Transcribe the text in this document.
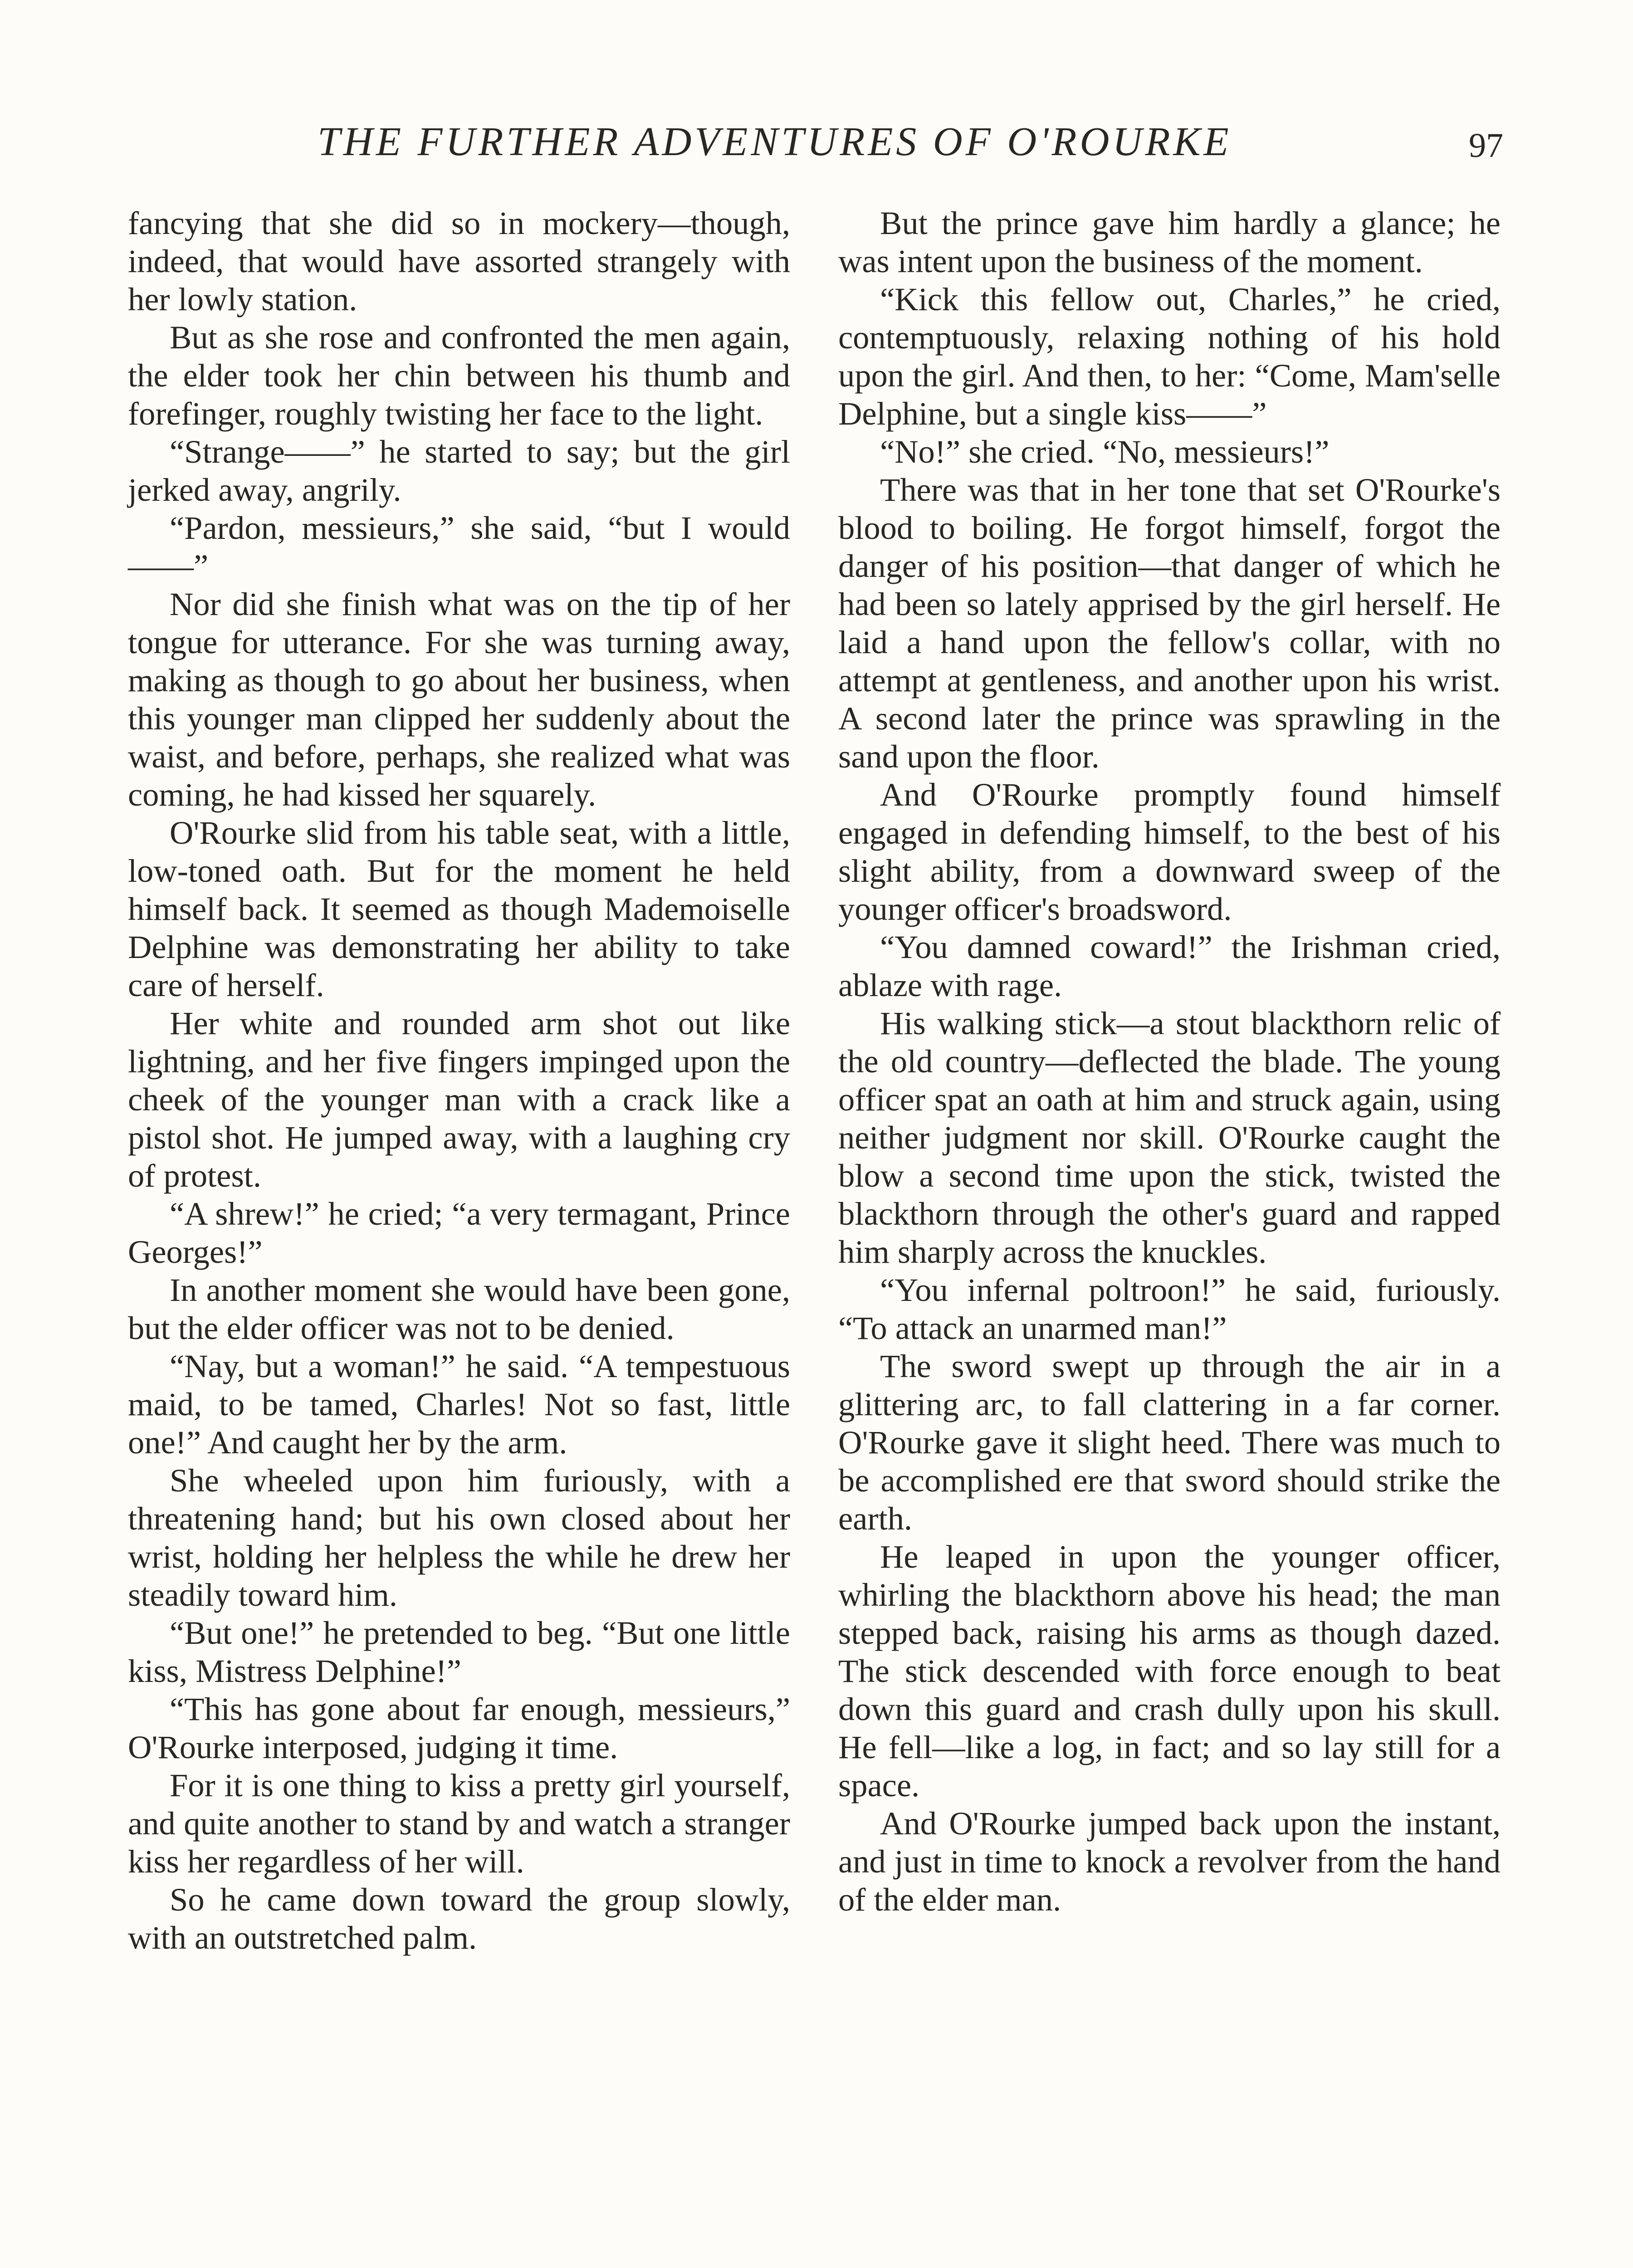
THE FURTHER ADVENTURES OF O'ROURKE	97

fancying that she did so in mockery—though, indeed, that would have assorted strangely with her lowly station.

But as she rose and confronted the men again, the elder took her chin between his thumb and forefinger, roughly twisting her face to the light.

“Strange——” he started to say; but the girl jerked away, angrily.

“Pardon, messieurs,” she said, “but I would——”

Nor did she finish what was on the tip of her tongue for utterance. For she was turning away, making as though to go about her business, when this younger man clipped her suddenly about the waist, and before, perhaps, she realized what was coming, he had kissed her squarely.

O'Rourke slid from his table seat, with a little, low-toned oath. But for the moment he held himself back. It seemed as though Mademoiselle Delphine was demonstrating her ability to take care of herself.

Her white and rounded arm shot out like lightning, and her five fingers impinged upon the cheek of the younger man with a crack like a pistol shot. He jumped away, with a laughing cry of protest.

“A shrew!” he cried; “a very termagant, Prince Georges!”

In another moment she would have been gone, but the elder officer was not to be denied.

“Nay, but a woman!” he said. “A tempestuous maid, to be tamed, Charles! Not so fast, little one!” And caught her by the arm.

She wheeled upon him furiously, with a threatening hand; but his own closed about her wrist, holding her helpless the while he drew her steadily toward him.

“But one!” he pretended to beg. “But one little kiss, Mistress Delphine!”

“This has gone about far enough, messieurs,” O'Rourke interposed, judging it time.

For it is one thing to kiss a pretty girl yourself, and quite another to stand by and watch a stranger kiss her regardless of her will.

So he came down toward the group slowly, with an outstretched palm.

But the prince gave him hardly a glance; he was intent upon the business of the moment.

“Kick this fellow out, Charles,” he cried, contemptuously, relaxing nothing of his hold upon the girl. And then, to her: “Come, Mam'selle Delphine, but a single kiss——”

“No!” she cried. “No, messieurs!”

There was that in her tone that set O'Rourke's blood to boiling. He forgot himself, forgot the danger of his position—that danger of which he had been so lately apprised by the girl herself. He laid a hand upon the fellow's collar, with no attempt at gentleness, and another upon his wrist. A second later the prince was sprawling in the sand upon the floor.

And O'Rourke promptly found himself engaged in defending himself, to the best of his slight ability, from a downward sweep of the younger officer's broadsword.

“You damned coward!” the Irishman cried, ablaze with rage.

His walking stick—a stout blackthorn relic of the old country—deflected the blade. The young officer spat an oath at him and struck again, using neither judgment nor skill. O'Rourke caught the blow a second time upon the stick, twisted the blackthorn through the other's guard and rapped him sharply across the knuckles.

“You infernal poltroon!” he said, furiously. “To attack an unarmed man!”

The sword swept up through the air in a glittering arc, to fall clattering in a far corner. O'Rourke gave it slight heed. There was much to be accomplished ere that sword should strike the earth.

He leaped in upon the younger officer, whirling the blackthorn above his head; the man stepped back, raising his arms as though dazed. The stick descended with force enough to beat down this guard and crash dully upon his skull. He fell—like a log, in fact; and so lay still for a space.

And O'Rourke jumped back upon the instant, and just in time to knock a revolver from the hand of the elder man.
